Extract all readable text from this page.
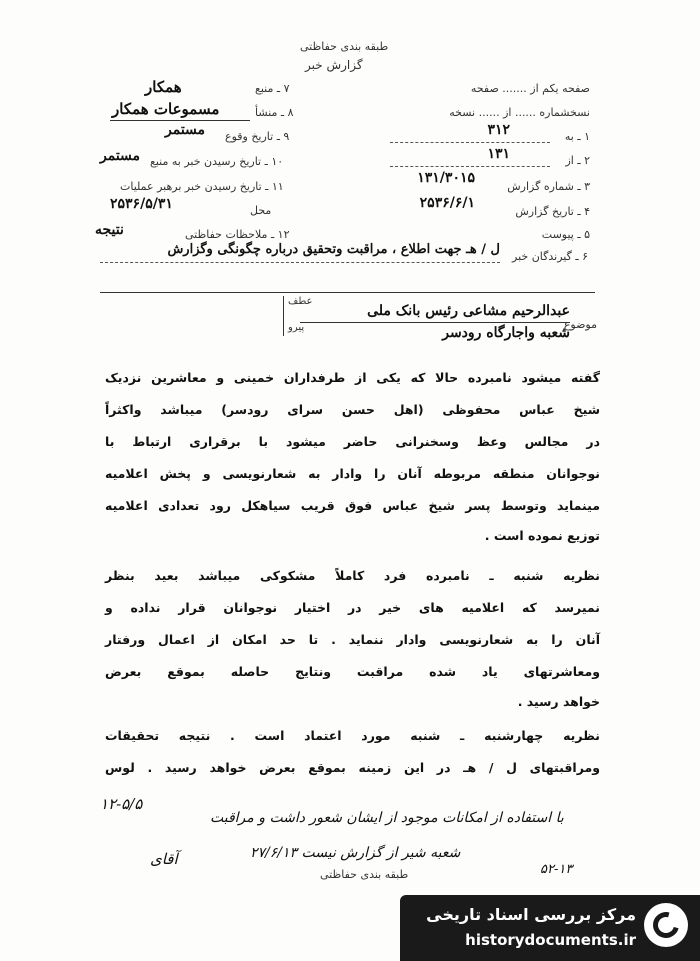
طبقه بندی حفاظتی
گزارش خبر
صفحه یکم از ....... صفحه
نسخشماره ...... از ...... نسخه
۱ ـ به
۳۱۲
۲ ـ از
۱۳۱
۳ ـ شماره گزارش
۱۳۱/۳۰۱۵
۴ ـ تاریخ گزارش
۲۵۳۶/۶/۱
۵ ـ پیوست
۶ ـ گیرندگان خبر
ل / هـ جهت اطلاع ، مراقبت وتحقیق درباره چگونگی وگزارش
۷ ـ منبع
همکار
۸ ـ منشأ
مسموعات همکار
۹ ـ تاریخ وقوع
مستمر
۱۰ ـ تاریخ رسیدن خبر به منبع
مستمر
۱۱ ـ تاریخ رسیدن خبر برهبر عملیات
محل
۲۵۳۶/۵/۳۱
۱۲ ـ ملاحظات حفاظتی
نتیجه
موضوع
عبدالرحیم مشاعی رئیس بانک ملی
شعبه واجارگاه رودسر
عطف
پیرو
گفته میشود نامبرده حالا که یکی از طرفداران خمینی و معاشرین نزدیک
شیخ عباس محفوظی (اهل حسن سرای رودسر) میباشد واکثراً
در مجالس وعظ وسخنرانی حاضر میشود با برقراری ارتباط با
نوجوانان منطقه مربوطه آنان را وادار به شعارنویسی و پخش اعلامیه
مینماید وتوسط پسر شیخ عباس فوق قریب سیاهکل رود تعدادی اعلامیه
توزیع نموده است .
نظریه شنبه ـ نامبرده فرد کاملاً مشکوکی میباشد بعید بنظر
نمیرسد که اعلامیه های خیر در اختیار نوجوانان قرار نداده و
آنان را به شعارنویسی وادار ننماید . تا حد امکان از اعمال ورفتار
ومعاشرتهای یاد شده مراقبت ونتایج حاصله بموقع بعرض
خواهد رسید .
نظریه چهارشنبه ـ شنبه مورد اعتماد است . نتیجه تحقیقات
ومراقبتهای ل / هـ در این زمینه بموقع بعرض خواهد رسید . لوس
۱۲-۵/۵
با استفاده از امکانات موجود از ایشان شعور داشت و مراقبت
شعبه شیر از گزارش نیست ۲۷/۶/۱۳
آقای
۵۲-۱۳
طبقه بندی حفاظتی
مرکز بررسی اسناد تاریخی
historydocuments.ir
